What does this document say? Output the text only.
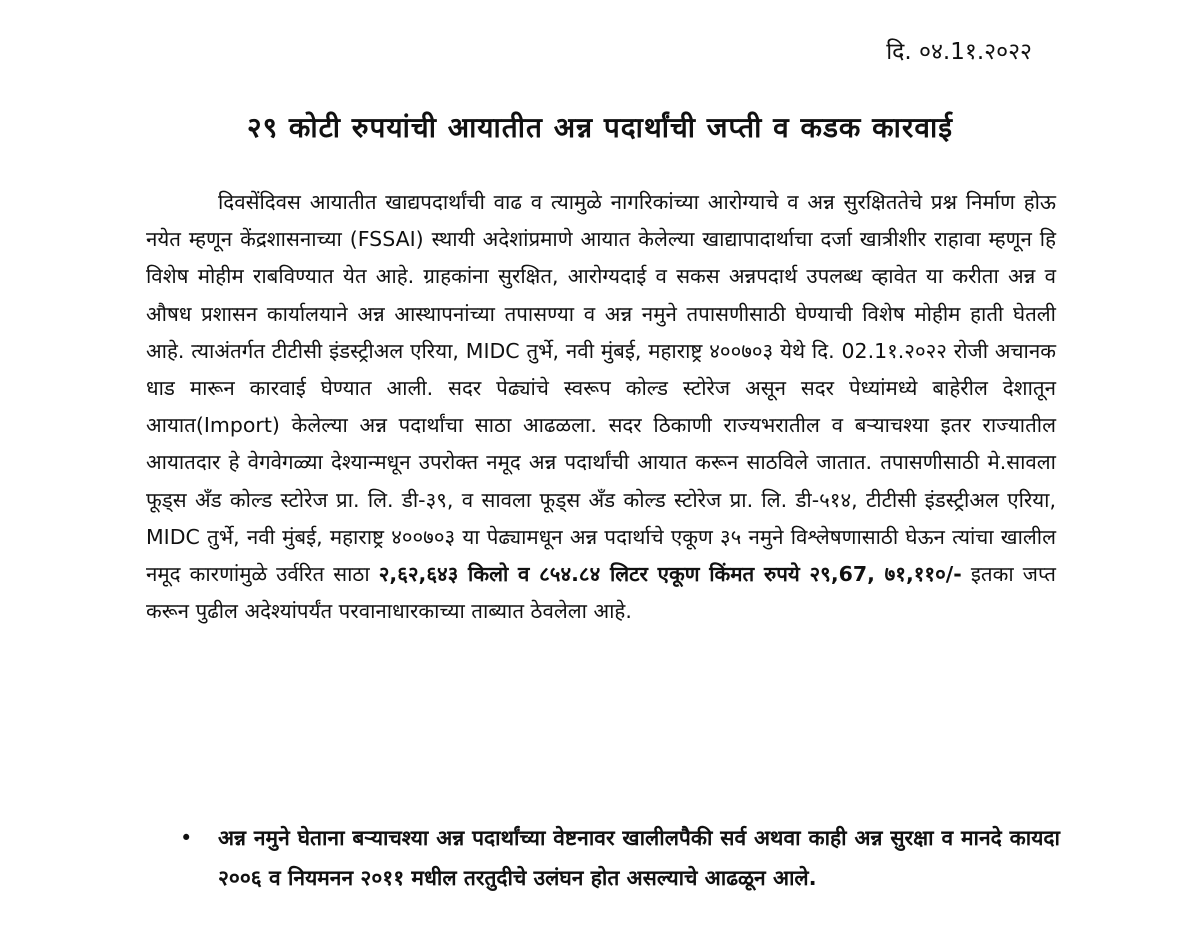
दि. ०४.1१.२०२२
२९ कोटी रुपयांची आयातीत अन्न पदार्थांची जप्ती व कडक कारवाई
दिवसेंदिवस आयातीत खाद्यपदार्थांची वाढ व त्यामुळे नागरिकांच्या आरोग्याचे व अन्न सुरक्षिततेचे प्रश्न निर्माण होऊ नयेत म्हणून केंद्रशासनाच्या (FSSAI) स्थायी अदेशांप्रमाणे आयात केलेल्या खाद्यापादार्थाचा दर्जा खात्रीशीर राहावा म्हणून हि विशेष मोहीम राबविण्यात येत आहे. ग्राहकांना सुरक्षित, आरोग्यदाई व सकस अन्नपदार्थ उपलब्ध व्हावेत या करीता अन्न व औषध प्रशासन कार्यालयाने अन्न आस्थापनांच्या तपासण्या व अन्न नमुने तपासणीसाठी घेण्याची विशेष मोहीम हाती घेतली आहे. त्याअंतर्गत टीटीसी इंडस्ट्रीअल एरिया, MIDC तुर्भे, नवी मुंबई, महाराष्ट्र ४००७०३ येथे दि. 02.1१.२०२२ रोजी अचानक धाड मारून कारवाई घेण्यात आली. सदर पेढ्यांचे स्वरूप कोल्ड स्टोरेज असून सदर पेध्यांमध्ये बाहेरील देशातून आयात(Import) केलेल्या अन्न पदार्थांचा साठा आढळला. सदर ठिकाणी राज्यभरातील व बऱ्याचश्या इतर राज्यातील आयातदार हे वेगवेगळ्या देश्यान्मधून उपरोक्त नमूद अन्न पदार्थांची आयात करून साठविले जातात. तपासणीसाठी मे.सावला फूड्स अँड कोल्ड स्टोरेज प्रा. लि. डी-३९, व सावला फूड्स अँड कोल्ड स्टोरेज प्रा. लि. डी-५१४, टीटीसी इंडस्ट्रीअल एरिया, MIDC तुर्भे, नवी मुंबई, महाराष्ट्र ४००७०३ या पेढ्यामधून अन्न पदार्थाचे एकूण ३५ नमुने विश्लेषणासाठी घेऊन त्यांचा खालील नमूद कारणांमुळे उर्वरित साठा २,६२,६४३ किलो व ८५४.८४ लिटर एकूण किंमत रुपये २९,67, ७१,११०/- इतका जप्त करून पुढील अदेश्यांपर्यंत परवानाधारकाच्या ताब्यात ठेवलेला आहे.
• अन्न नमुने घेताना बऱ्याचश्या अन्न पदार्थांच्या वेष्टनावर खालीलपैकी सर्व अथवा काही अन्न सुरक्षा व मानदे कायदा २००६ व नियमनन २०११ मधील तरतुदीचे उलंघन होत असल्याचे आढळून आले.
